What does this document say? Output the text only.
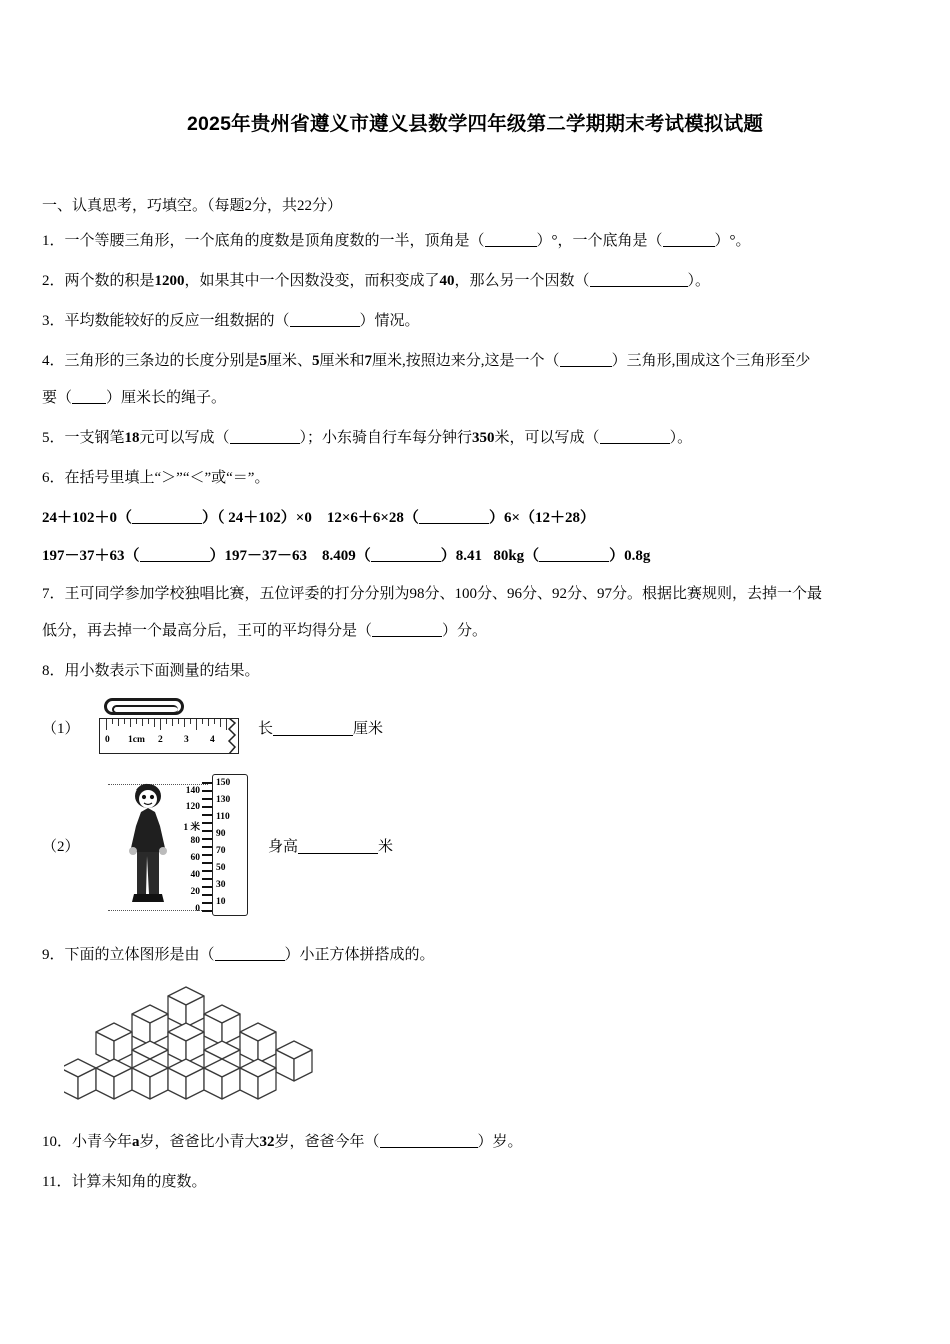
2025年贵州省遵义市遵义县数学四年级第二学期期末考试模拟试题
一、认真思考，巧填空。（每题2分，共22分）
1．一个等腰三角形，一个底角的度数是顶角度数的一半，顶角是（	）°，一个底角是（	）°。
2．两个数的积是1200，如果其中一个因数没变，而积变成了40，那么另一个因数（	）。
3．平均数能较好的反应一组数据的（	）情况。
4．三角形的三条边的长度分别是5厘米、5厘米和7厘米,按照边来分,这是一个（	）三角形,围成这个三角形至少
要（ ）厘米长的绳子。
5．一支钢笔18元可以写成（	）；小东骑自行车每分钟行350米，可以写成（	）。
6．在括号里填上“＞”“＜”或“＝”。
24＋102＋0（	）（ 24＋102）×0 12×6＋6×28（	）6×（12＋28）
197－37＋63（	）197－37－63 8.409（	）8.41 80kg（	）0.8g
7．王可同学参加学校独唱比赛，五位评委的打分分别为98分、100分、96分、92分、97分。根据比赛规则，去掉一个最
低分，再去掉一个最高分后，王可的平均得分是（	）分。
8．用小数表示下面测量的结果。
（1）
0 1cm 2 3 4
长	厘米
（2）
140
120
1 米
80
60
40
20
0
150
130
110
90
70
50
30
10
身高	米
9．下面的立体图形是由（	）小正方体拼搭成的。
10．小青今年a岁，爸爸比小青大32岁，爸爸今年（	）岁。
11．计算未知角的度数。
